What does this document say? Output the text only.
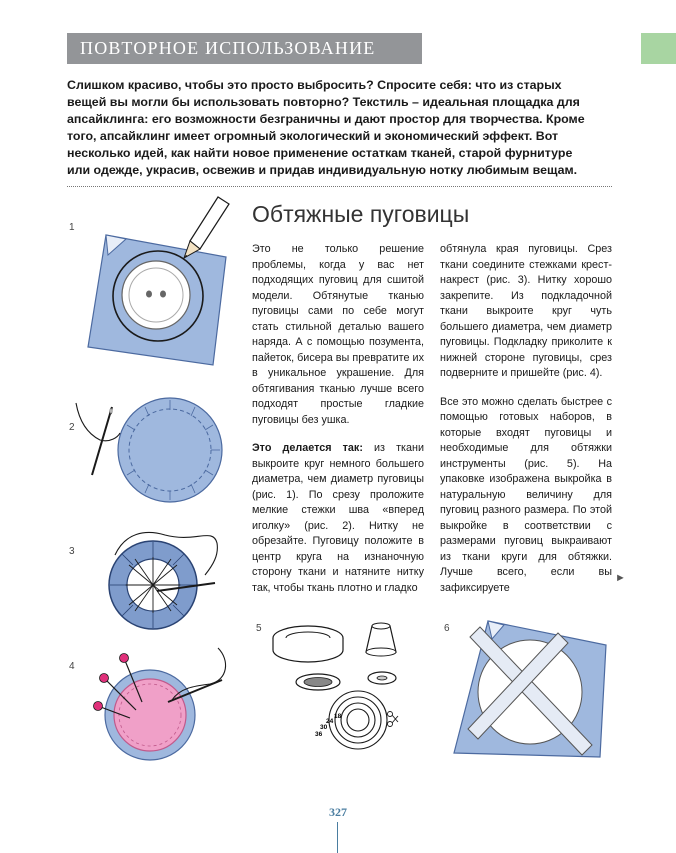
ПОВТОРНОЕ ИСПОЛЬЗОВАНИЕ

Слишком красиво, чтобы это просто выбросить? Спросите себя: что из старых вещей вы могли бы использовать повторно? Текстиль – идеальная площадка для апсайклинга: его возможности безграничны и дают простор для творчества. Кроме того, апсайклинг имеет огромный экологический и экономический эффект. Вот несколько идей, как найти новое применение остаткам тканей, старой фурнитуре или одежде, украсив, освежив и придав индивидуальную нотку любимым вещам.

Обтяжные пуговицы

Это не только решение проблемы, когда у вас нет подходящих пуговиц для сшитой модели. Обтянутые тканью пуговицы сами по себе могут стать стильной деталью вашего наряда. А с помощью позумента, пайеток, бисера вы превратите их в уникальное украшение. Для обтягивания тканью лучше всего подходят простые гладкие пуговицы без ушка.

Это делается так: из ткани выкроите круг немного большего диаметра, чем диаметр пуговицы (рис. 1). По срезу проложите мелкие стежки шва «вперед иголку» (рис. 2). Нитку не обрезайте. Пуговицу положите в центр круга на изнаночную сторону ткани и натяните нитку так, чтобы ткань плотно и гладко

обтянула края пуговицы. Срез ткани соедините стежками крест-накрест (рис. 3). Нитку хорошо закрепите. Из подкладочной ткани выкроите круг чуть большего диаметра, чем диаметр пуговицы. Подкладку приколите к нижней стороне пуговицы, срез подверните и пришейте (рис. 4).

Все это можно сделать быстрее с помощью готовых наборов, в которые входят пуговицы и необходимые для обтяжки инструменты (рис. 5). На упаковке изображена выкройка в натуральную величину для пуговиц разного размера. По этой выкройке в соответствии с размерами пуговиц выкраивают из ткани круги для обтяжки. Лучше всего, если вы зафиксируете

►
1
2
3
4
5	6
18
24
30
36
327
